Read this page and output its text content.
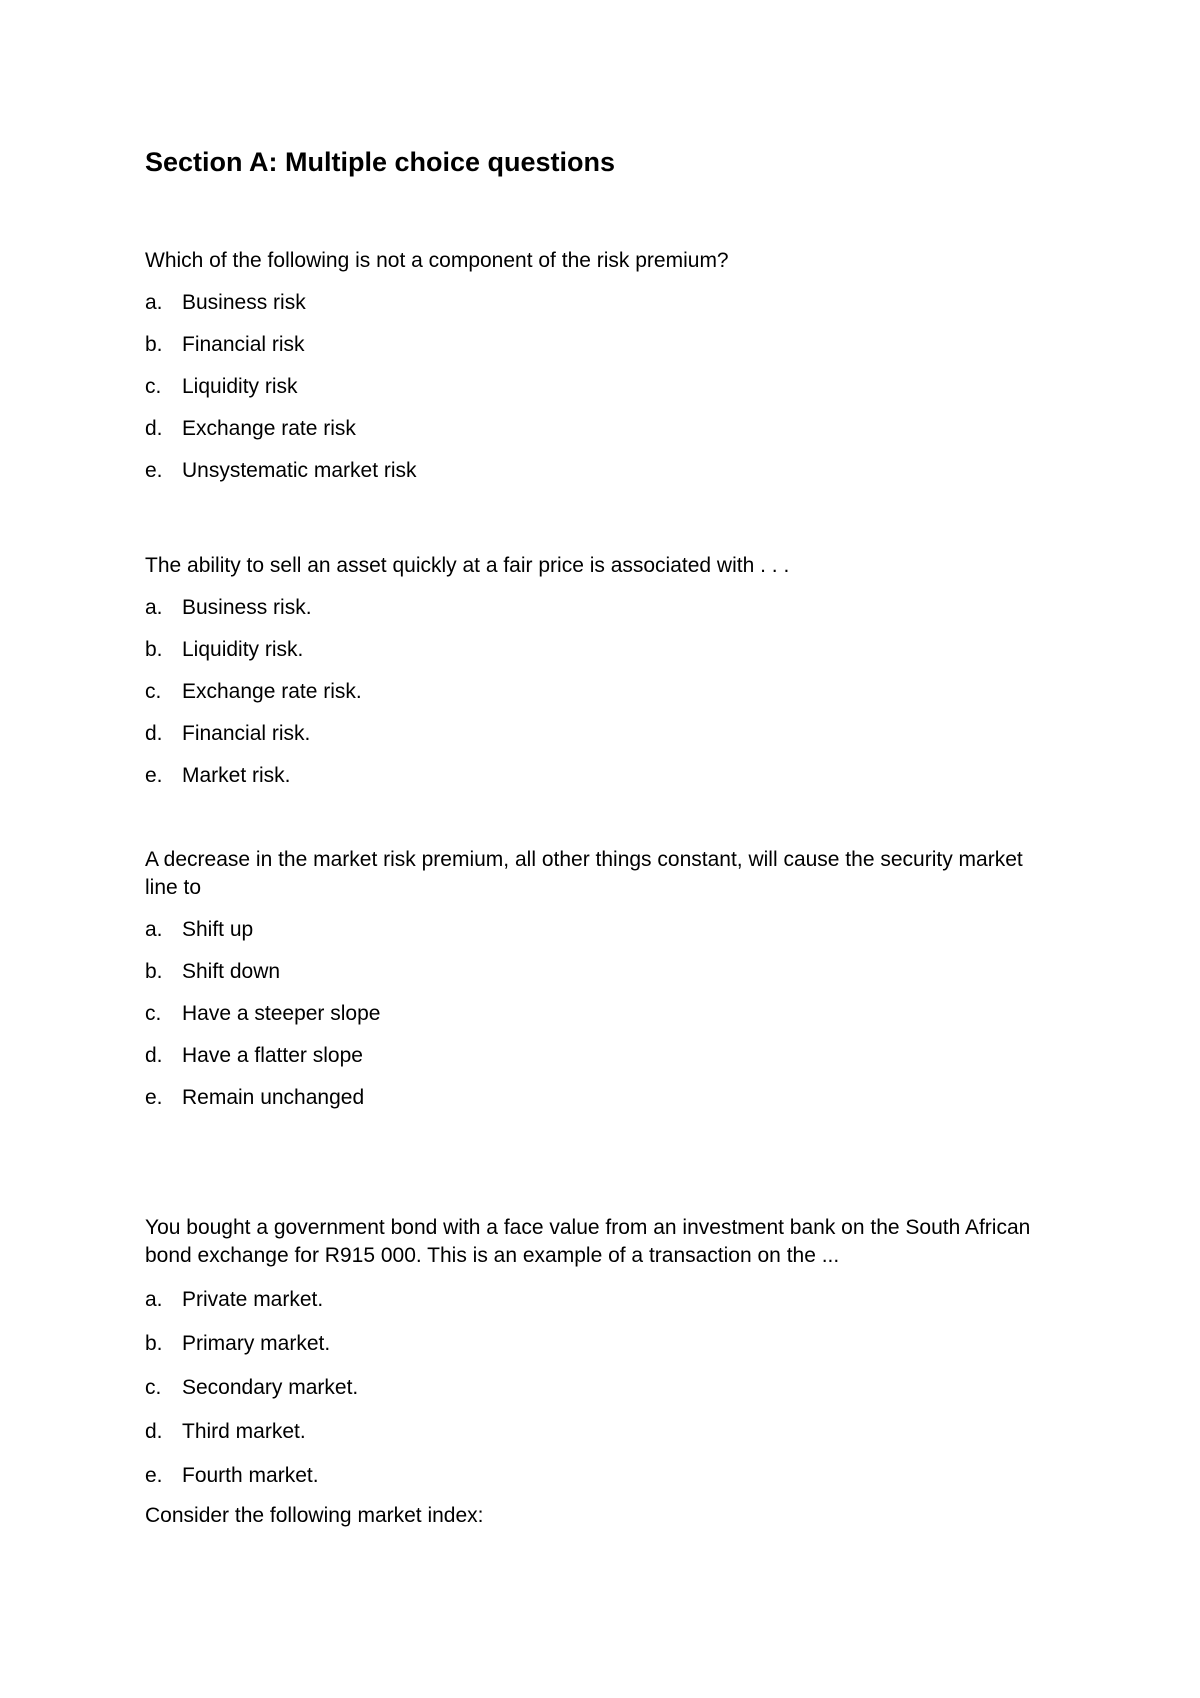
Section A: Multiple choice questions

Which of the following is not a component of the risk premium?

a. Business risk
b. Financial risk
c. Liquidity risk
d. Exchange rate risk
e. Unsystematic market risk

The ability to sell an asset quickly at a fair price is associated with . . .

a. Business risk.
b. Liquidity risk.
c. Exchange rate risk.
d. Financial risk.
e. Market risk.

A decrease in the market risk premium, all other things constant, will cause the security market line to

a. Shift up
b. Shift down
c. Have a steeper slope
d. Have a flatter slope
e. Remain unchanged

You bought a government bond with a face value from an investment bank on the South African bond exchange for R915 000. This is an example of a transaction on the ...

a. Private market.
b. Primary market.
c. Secondary market.
d. Third market.
e. Fourth market.

Consider the following market index:
